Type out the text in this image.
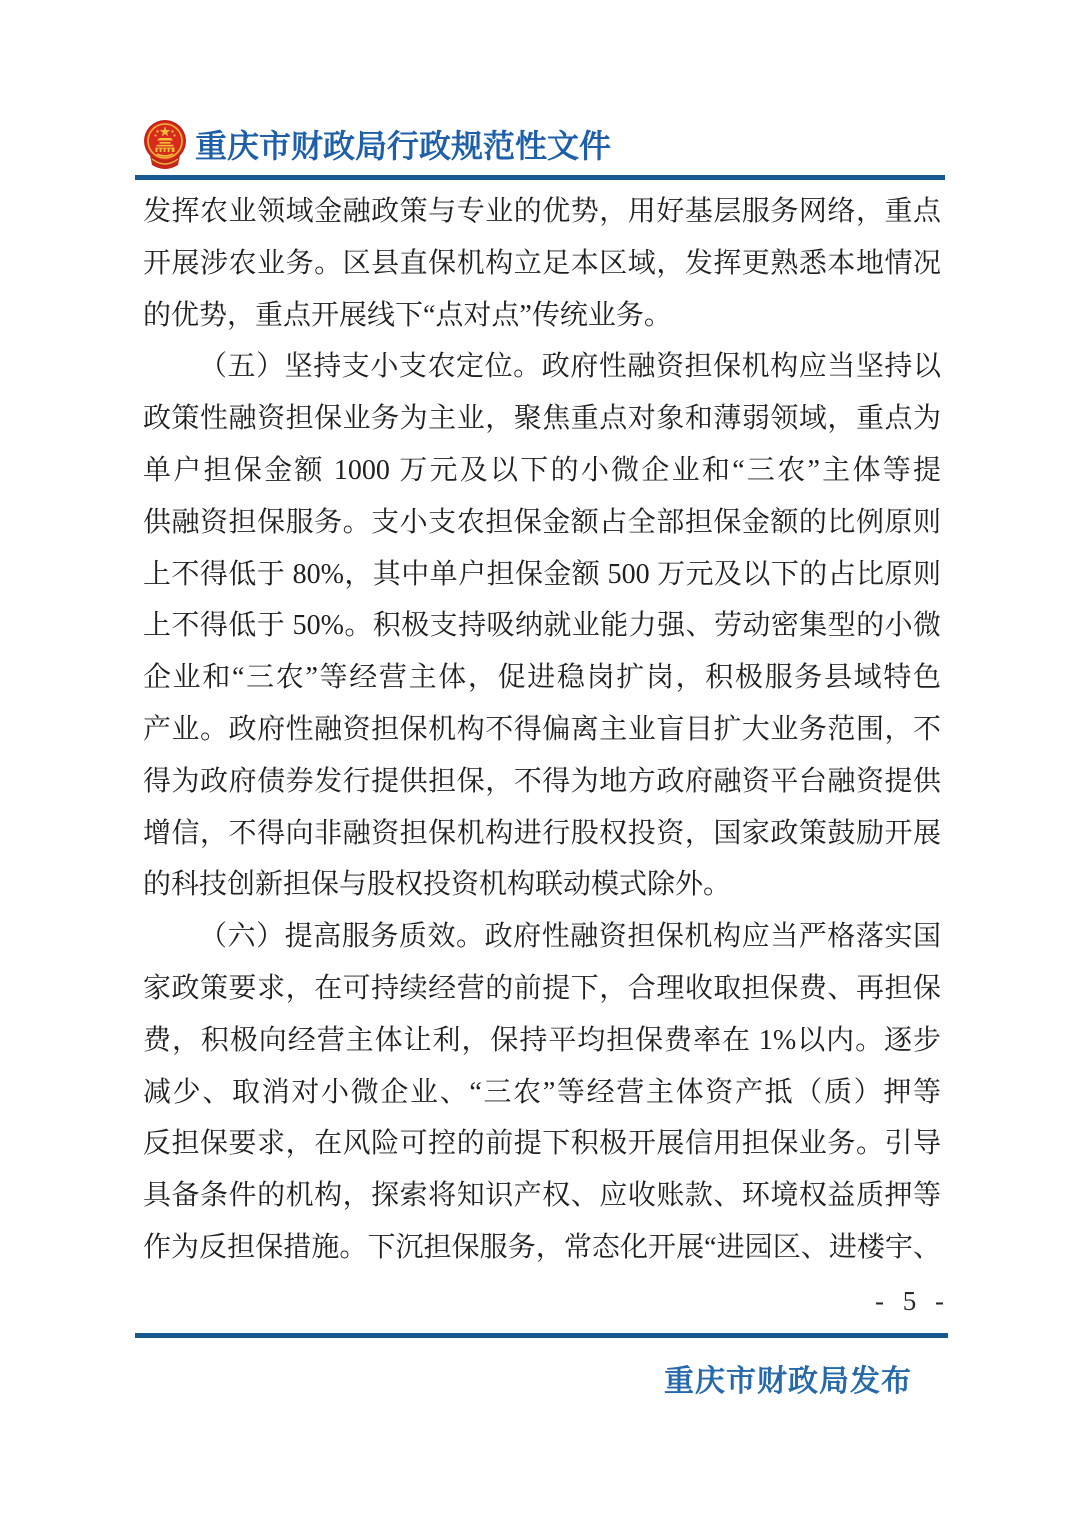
重庆市财政局行政规范性文件
发挥农业领域金融政策与专业的优势，用好基层服务网络，重点
开展涉农业务。区县直保机构立足本区域，发挥更熟悉本地情况
的优势，重点开展线下“点对点”传统业务。
（五）坚持支小支农定位。政府性融资担保机构应当坚持以
政策性融资担保业务为主业，聚焦重点对象和薄弱领域，重点为
单户担保金额 1000 万元及以下的小微企业和“三农”主体等提
供融资担保服务。支小支农担保金额占全部担保金额的比例原则
上不得低于 80%，其中单户担保金额 500 万元及以下的占比原则
上不得低于 50%。积极支持吸纳就业能力强、劳动密集型的小微
企业和“三农”等经营主体，促进稳岗扩岗，积极服务县域特色
产业。政府性融资担保机构不得偏离主业盲目扩大业务范围，不
得为政府债券发行提供担保，不得为地方政府融资平台融资提供
增信，不得向非融资担保机构进行股权投资，国家政策鼓励开展
的科技创新担保与股权投资机构联动模式除外。
（六）提高服务质效。政府性融资担保机构应当严格落实国
家政策要求，在可持续经营的前提下，合理收取担保费、再担保
费，积极向经营主体让利，保持平均担保费率在 1%以内。逐步
减少、取消对小微企业、“三农”等经营主体资产抵（质）押等
反担保要求，在风险可控的前提下积极开展信用担保业务。引导
具备条件的机构，探索将知识产权、应收账款、环境权益质押等
作为反担保措施。下沉担保服务，常态化开展“进园区、进楼宇、
- 5 -
重庆市财政局发布
